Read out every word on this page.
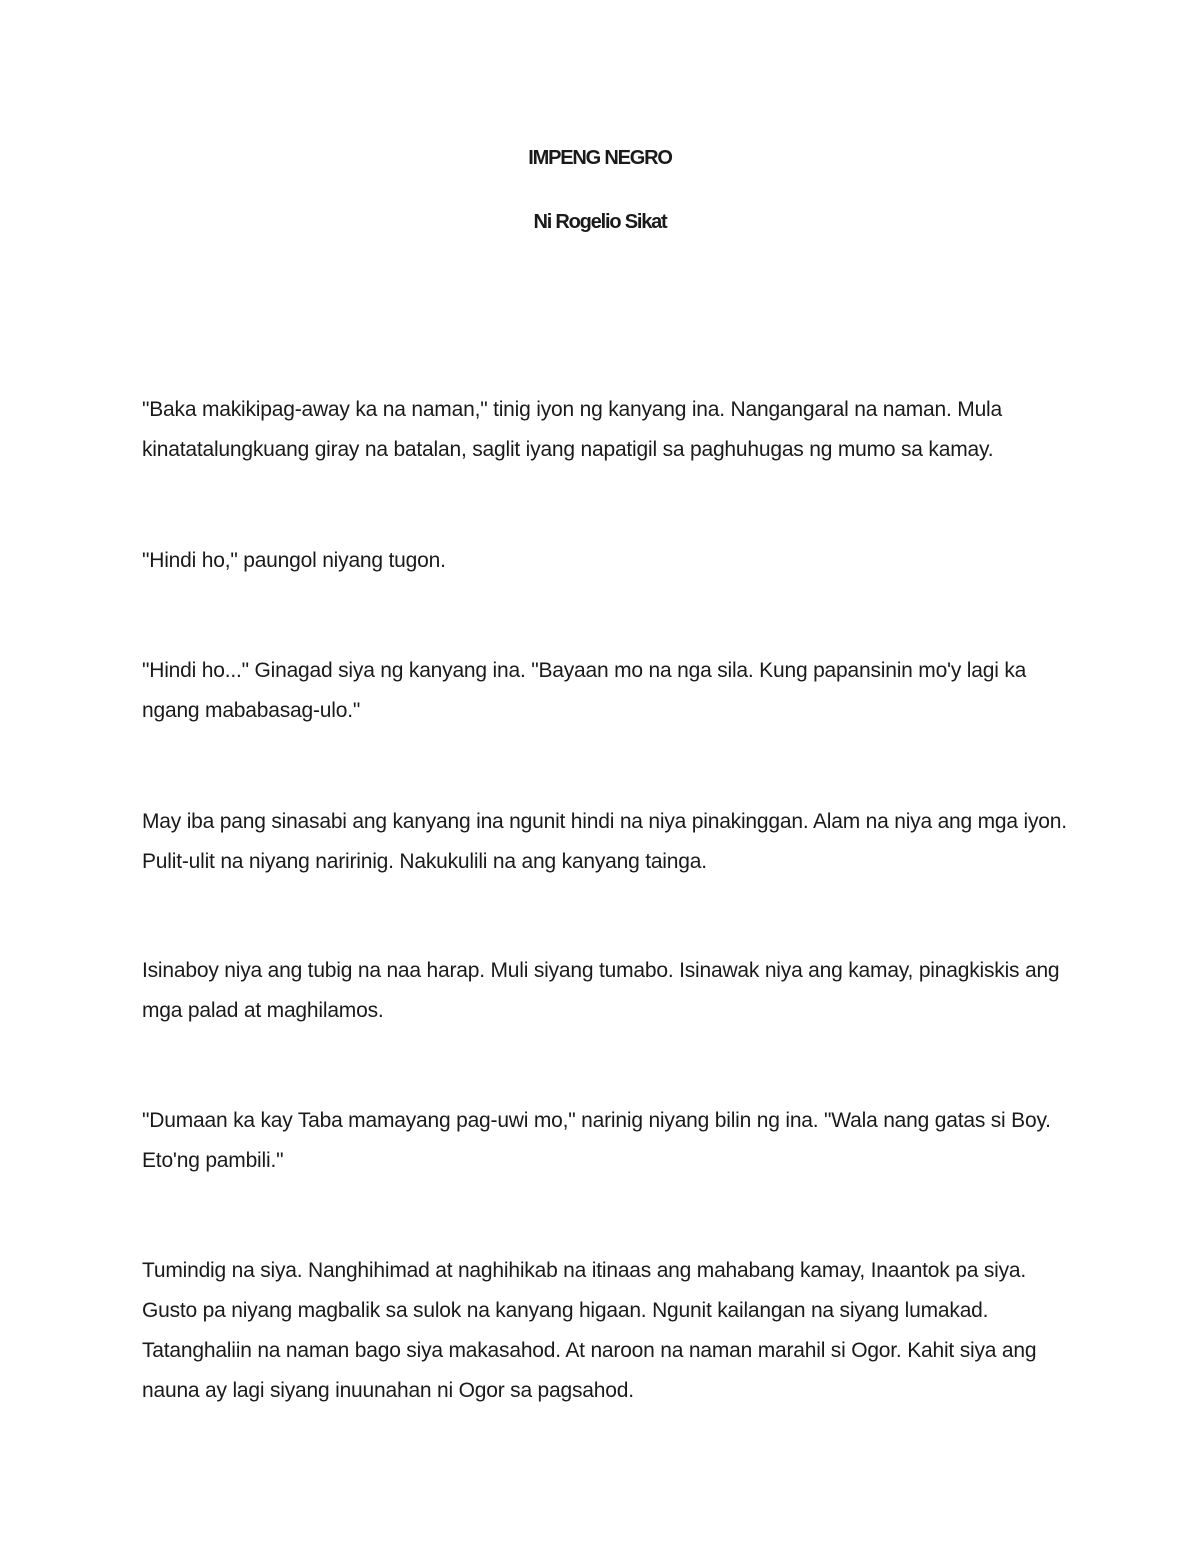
IMPENG NEGRO
Ni Rogelio Sikat

"Baka makikipag-away ka na naman," tinig iyon ng kanyang ina. Nangangaral na naman. Mula kinatatalungkuang giray na batalan, saglit iyang napatigil sa paghuhugas ng mumo sa kamay.

"Hindi ho," paungol niyang tugon.

"Hindi ho..." Ginagad siya ng kanyang ina. "Bayaan mo na nga sila. Kung papansinin mo'y lagi ka ngang mababasag-ulo."

May iba pang sinasabi ang kanyang ina ngunit hindi na niya pinakinggan. Alam na niya ang mga iyon. Pulit-ulit na niyang naririnig. Nakukulili na ang kanyang tainga.

Isinaboy niya ang tubig na naa harap. Muli siyang tumabo. Isinawak niya ang kamay, pinagkiskis ang mga palad at maghilamos.

"Dumaan ka kay Taba mamayang pag-uwi mo," narinig niyang bilin ng ina. "Wala nang gatas si Boy. Eto'ng pambili."

Tumindig na siya. Nanghihimad at naghihikab na itinaas ang mahabang kamay, Inaantok pa siya. Gusto pa niyang magbalik sa sulok na kanyang higaan. Ngunit kailangan na siyang lumakad. Tatanghaliin na naman bago siya makasahod. At naroon na naman marahil si Ogor. Kahit siya ang nauna ay lagi siyang inuunahan ni Ogor sa pagsahod.
